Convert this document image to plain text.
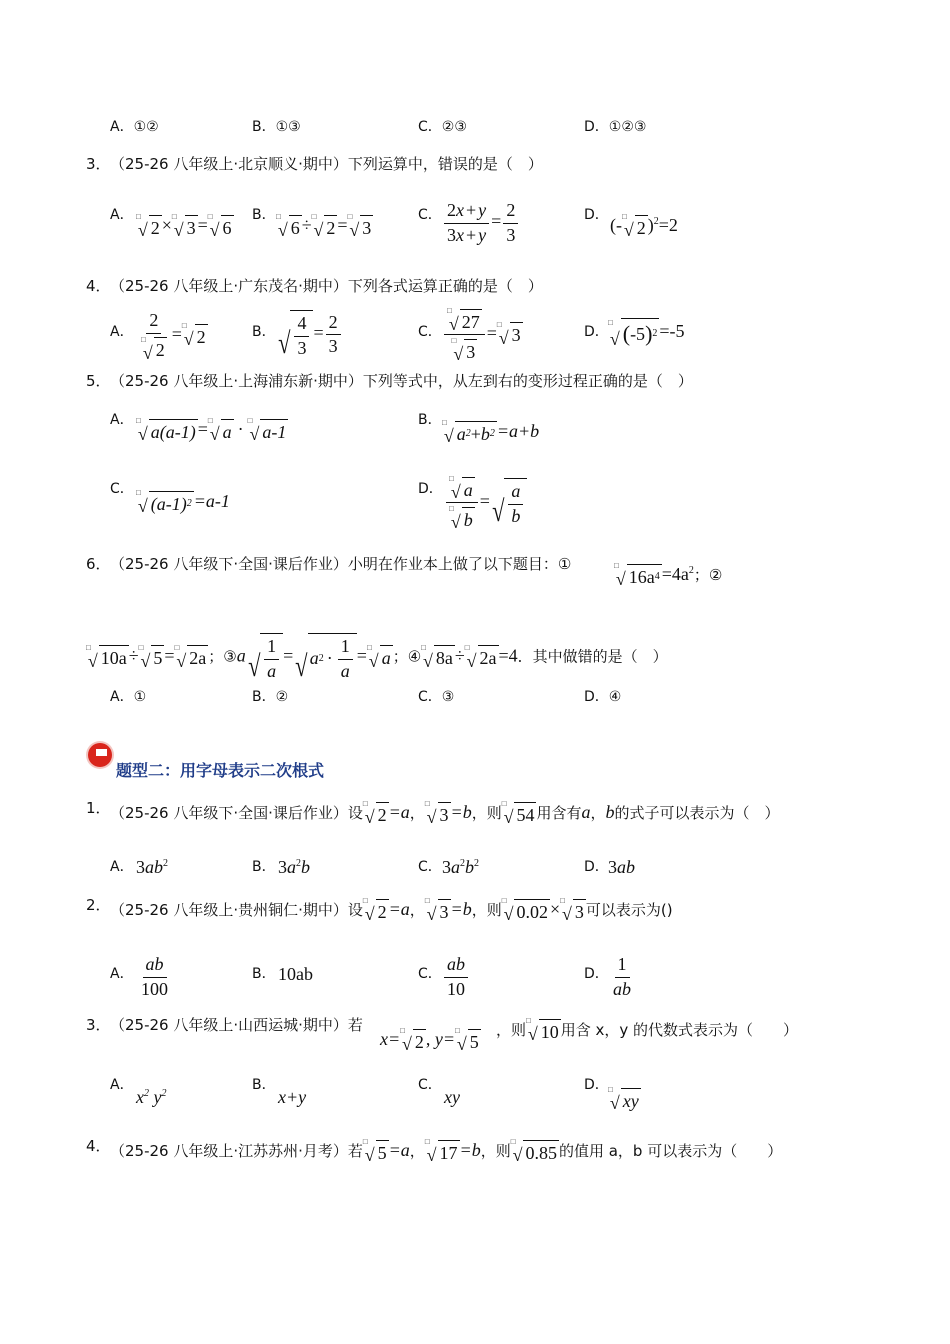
A．①②	B．①③	C．②③	D．①②③
3． （25-26 八年级上·北京顺义·期中）下列运算中，错误的是（　）
A． □
√ 2 ×□
√ 3 =□
√ 6
B． □
√ 6 ÷□
√ 2 =□
√ 3
C． $\frac{2x + y}{3x + y} = \frac{2}{3}$	D． (-□
√ 2 )$^2$=2
4． （25-26 八年级上·广东茂名·期中）下列各式运算正确的是（　）
A． 2
□
√ 2 =□
√ 2	B． √ $\frac{4}{3} = \frac{2}{3}$	C． □
√ 27
□
√ 3 =□
√ 3	D．
□
√ ( -5 ) 2 =-5
5． （25-26 八年级上·上海浦东新·期中）下列等式中，从左到右的变形过程正确的是（　）
A． □
√ a(a-1) =□
√ a · □
√ a-1
B． □
√ a 2 + b 2 =a+b
C． □
√ (a-1) 2 =a-1
D． □
√ a
□
√ b = √ $\frac{a}{b}$
6． （25-26 八年级下·全国·课后作业）小明在作业本上做了以下题目：①	□
√ 16a $4 =4a^2$；②
□
√ 10a ÷□
√ 5 =□
√ 2a ；③a √ $\frac{1}{a}$ = √ a $2 \cdot \frac{1}{a} =^□$
√ a ；④□
√ 8a ÷□
√ 2a =4．其中做错的是（　）
A．①	B．②	C．③	D．④
题型二：用字母表示二次根式
1． （25-26 八年级下·全国·课后作业）设□
√ 2 =a，□
√ 3 =b，则□
√ 54 用含有a，b的式子可以表示为（　）
A． $3ab^2$	B． $3a^2b$	C． $3a^2b^2$	D． 3ab
2． （25-26 八年级上·贵州铜仁·期中）设□
√ 2 =a，□
√ 3 =b，则□
√ 0.02 ×□
√ 3 可以表示为()
A． $\frac{ab}{100}$	B． 10ab	C． $\frac{ab}{10}$	D． $\frac{1}{ab}$
3． （25-26 八年级上·山西运城·期中）若
x=□
√ 2 , y=□
√ 5
，则□
√ 10 用含 x，y 的代数式表示为（　　）
A．
$x^2$ $y^2$
B．
x+y
C．
xy
D． □
√ xy
4． （25-26 八年级上·江苏苏州·月考）若□
√ 5 =a，□
√ 17 =b，则□
√ 0.85 的值用 a，b 可以表示为（　　）
